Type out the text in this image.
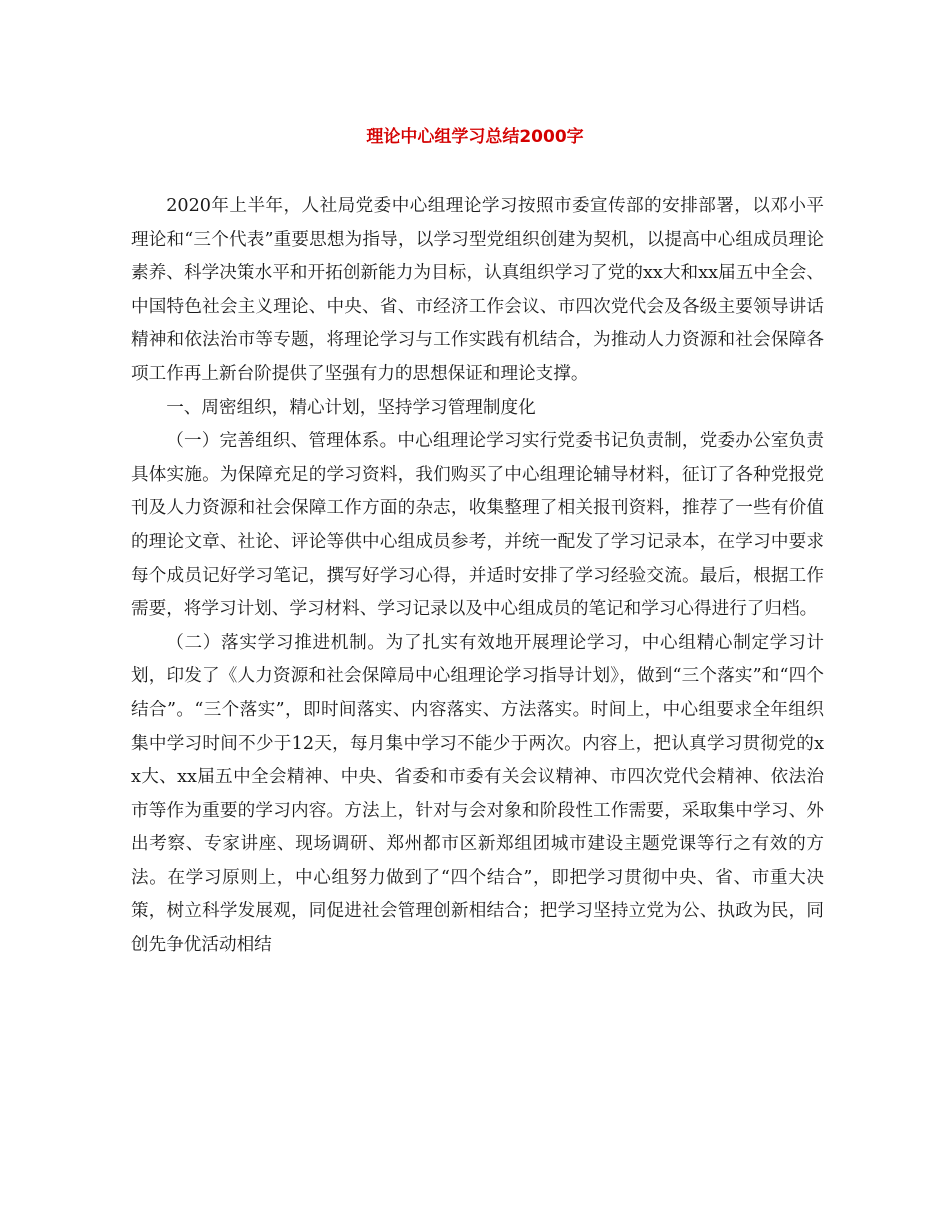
理论中心组学习总结2000字

2020年上半年，人社局党委中心组理论学习按照市委宣传部的安排部署，以邓小平理论和“三个代表”重要思想为指导，以学习型党组织创建为契机，以提高中心组成员理论素养、科学决策水平和开拓创新能力为目标，认真组织学习了党的xx大和xx届五中全会、中国特色社会主义理论、中央、省、市经济工作会议、市四次党代会及各级主要领导讲话精神和依法治市等专题，将理论学习与工作实践有机结合，为推动人力资源和社会保障各项工作再上新台阶提供了坚强有力的思想保证和理论支撑。

一、周密组织，精心计划，坚持学习管理制度化

（一）完善组织、管理体系。中心组理论学习实行党委书记负责制，党委办公室负责具体实施。为保障充足的学习资料，我们购买了中心组理论辅导材料，征订了各种党报党刊及人力资源和社会保障工作方面的杂志，收集整理了相关报刊资料，推荐了一些有价值的理论文章、社论、评论等供中心组成员参考，并统一配发了学习记录本，在学习中要求每个成员记好学习笔记，撰写好学习心得，并适时安排了学习经验交流。最后，根据工作需要，将学习计划、学习材料、学习记录以及中心组成员的笔记和学习心得进行了归档。

（二）落实学习推进机制。为了扎实有效地开展理论学习，中心组精心制定学习计划，印发了《人力资源和社会保障局中心组理论学习指导计划》，做到“三个落实”和“四个结合”。“三个落实”，即时间落实、内容落实、方法落实。时间上，中心组要求全年组织集中学习时间不少于12天，每月集中学习不能少于两次。内容上，把认真学习贯彻党的xx大、xx届五中全会精神、中央、省委和市委有关会议精神、市四次党代会精神、依法治市等作为重要的学习内容。方法上，针对与会对象和阶段性工作需要，采取集中学习、外出考察、专家讲座、现场调研、郑州都市区新郑组团城市建设主题党课等行之有效的方法。在学习原则上，中心组努力做到了“四个结合”，即把学习贯彻中央、省、市重大决策，树立科学发展观，同促进社会管理创新相结合；把学习坚持立党为公、执政为民，同创先争优活动相结
